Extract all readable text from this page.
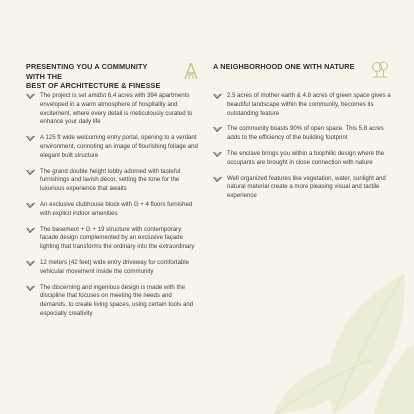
PRESENTING YOU A COMMUNITY WITH THE
BEST OF ARCHITECTURE & FINESSE
The project is set amidst 6.4 acres with 394 apartments enveloped in a warm atmosphere of hospitality and excitement, where every detail is meticulously curated to enhance your daily life
A 125 ft wide welcoming entry portal, opening to a verdant environment, connoting an image of flourishing foliage and elegant built structure
The grand double height lobby adorned with tasteful furnishings and lavish décor, setting the tone for the luxurious experience that awaits
An exclusive clubhouse block with G + 4 floors furnished with explicit indoor amenities
The basement + G + 19 structure with contemporary facade design complemented by an exclusive façade lighting that transforms the ordinary into the extraordinary
12 meters (42 feet) wide entry driveway for comfortable vehicular movement inside the community
The discerning and ingenious design is made with the discipline that focuses on meeting the needs and demands, to create living spaces, using certain tools and especially creativity
A NEIGHBORHOOD ONE WITH NATURE
2.5 acres of mother earth & 4.8 acres of green space gives a beautiful landscape within the community, becomes its outstanding feature
The community boasts 90% of open space. This 5.8 acres adds to the efficiency of the building footprint
The enclave brings you within a biophilic design where the occupants are brought in close connection with nature
Well organized features like vegetation, water, sunlight and natural material create a more pleasing visual and tactile experience
